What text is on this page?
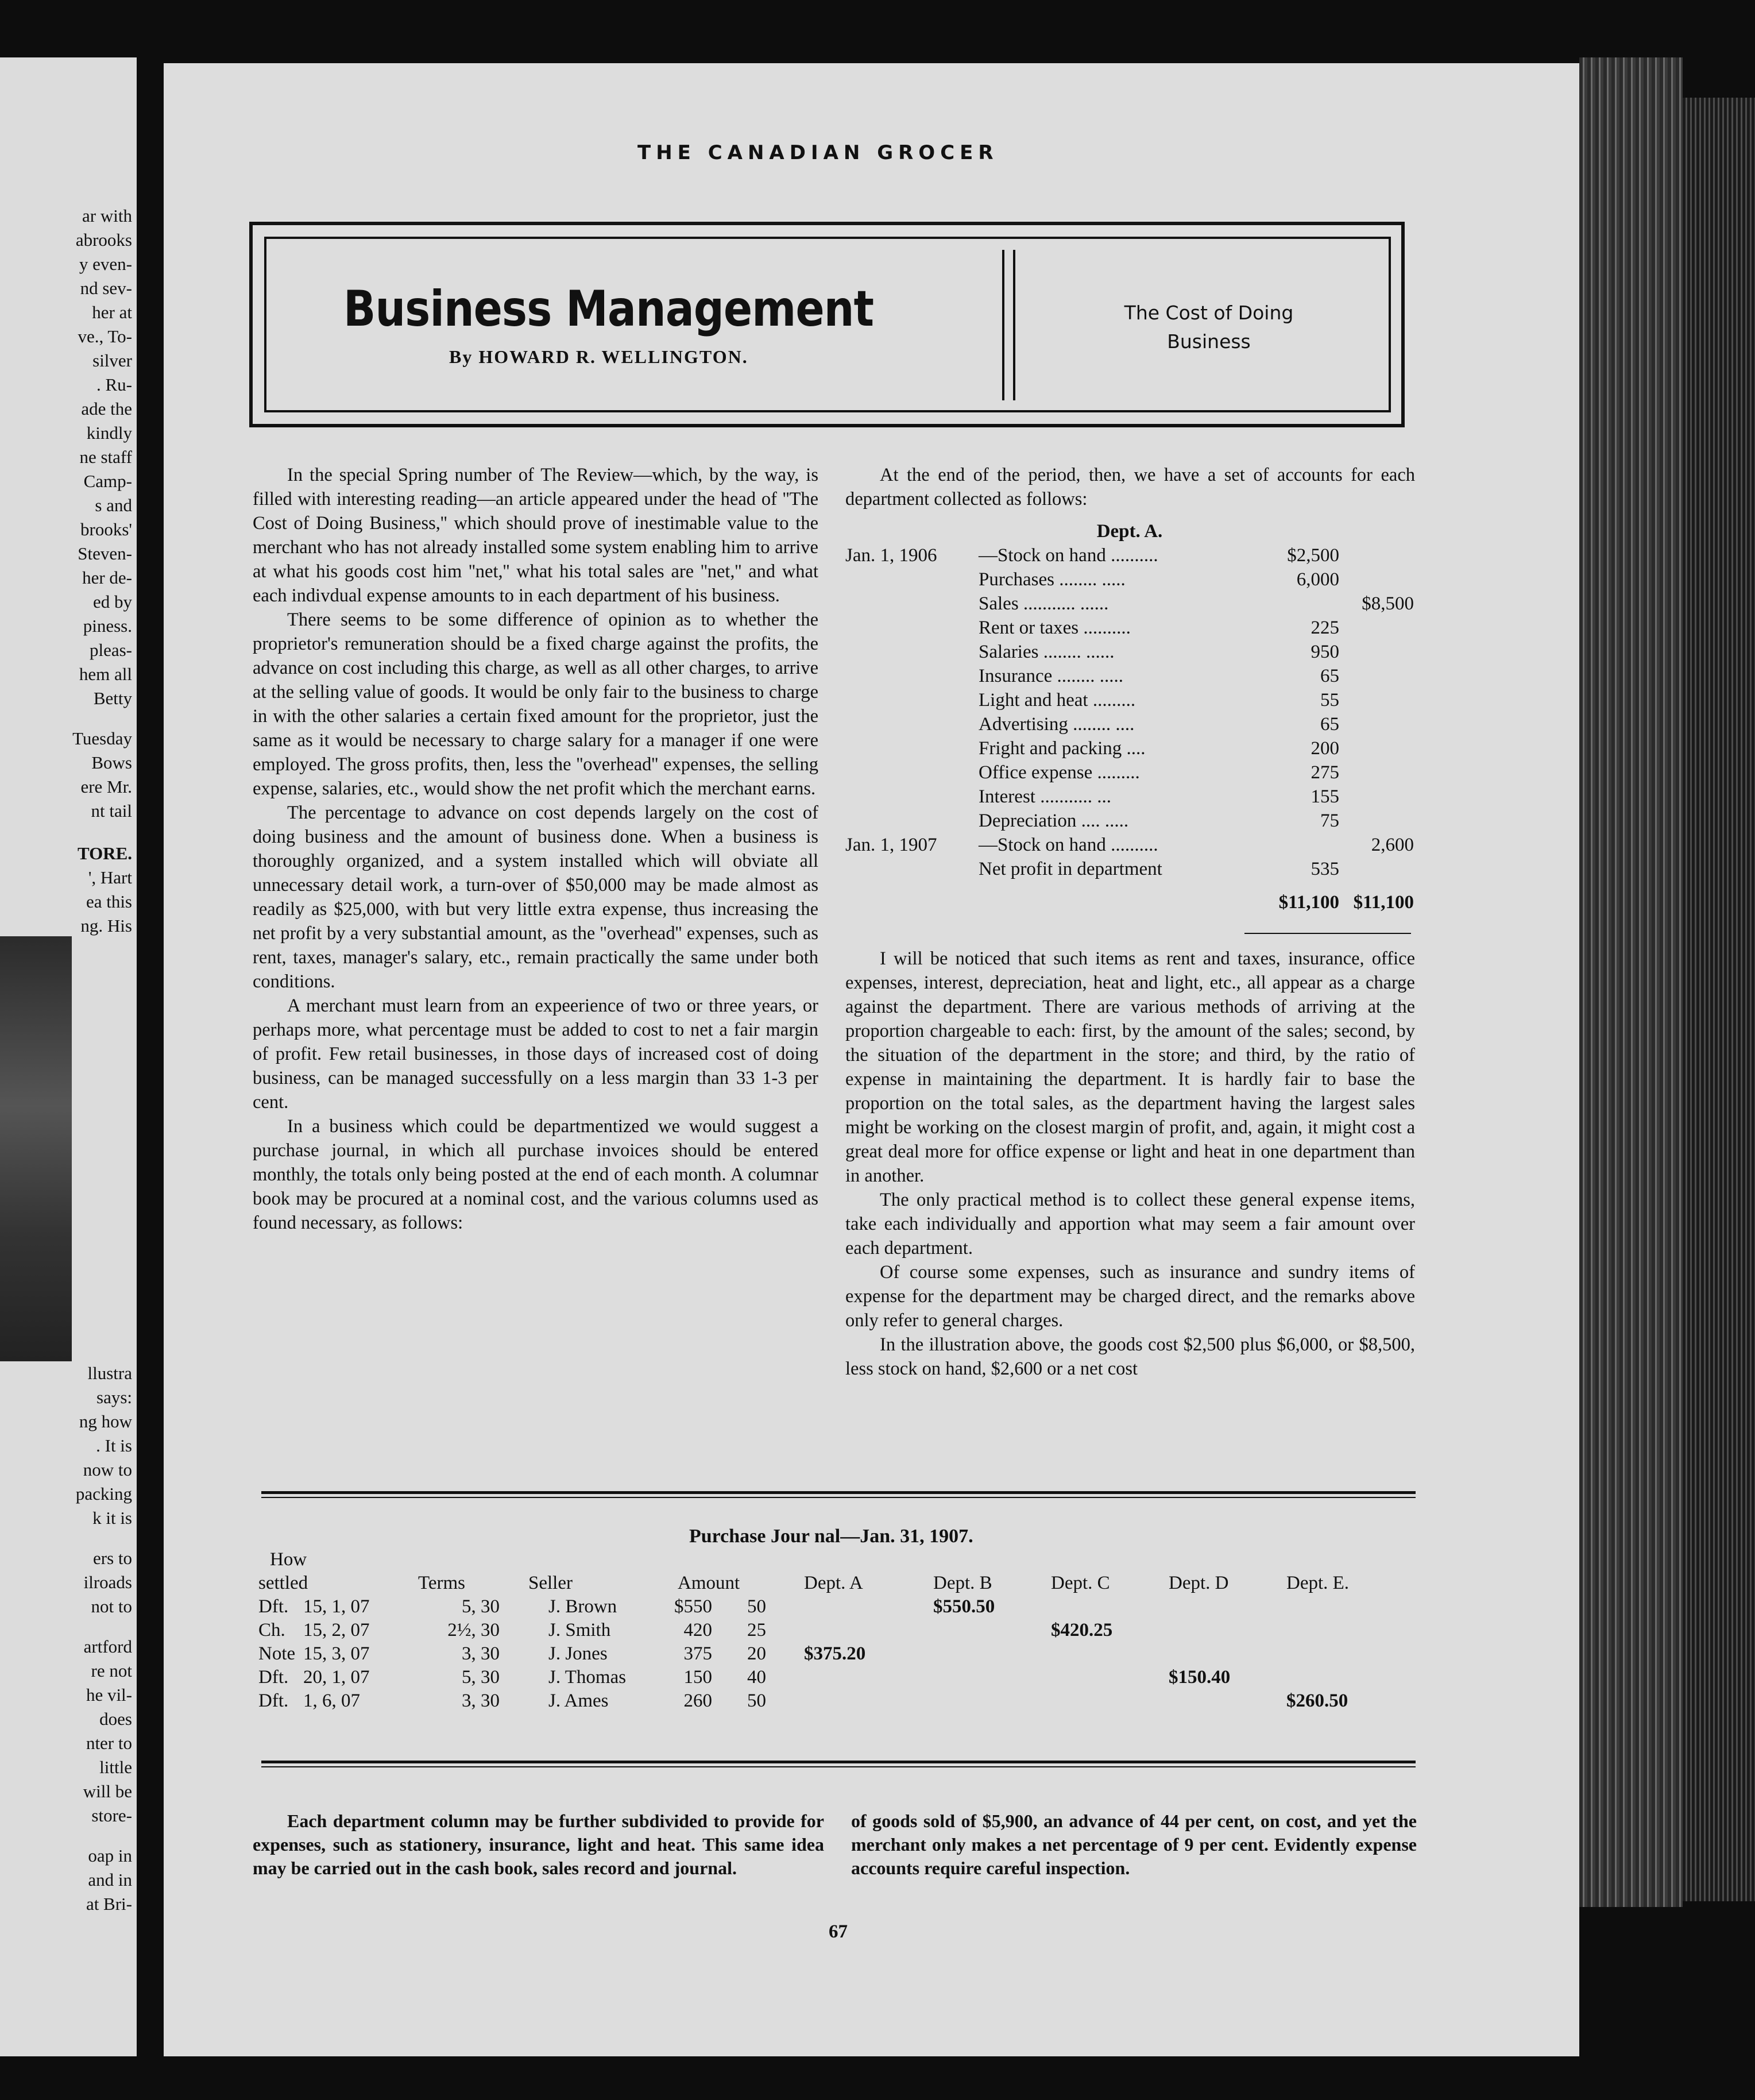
ar with
abrooks
y even-
nd sev-
her at
ve., To-
silver
. Ru-
ade the
kindly
ne staff
Camp-
s and
brooks'
Steven-
her de-
ed by
piness.
pleas-
hem all
Betty
Tuesday
Bows
ere Mr.
nt tail
TORE.
', Hart
ea this
ng. His
llustra
says:
ng how
. It is
now to
packing
k it is
ers to
ilroads
not to
artford
re not
he vil-
does
nter to
little
will be
store-
oap in
and in
at Bri-
THE CANADIAN GROCER
Business Management
By HOWARD R. WELLINGTON.
The Cost of Doing
Business

In the special Spring number of The Review—which, by the way, is filled with interesting reading—an article appeared under the head of ''The Cost of Doing Business,'' which should prove of inestimable value to the merchant who has not already installed some system enabling him to arrive at what his goods cost him ''net,'' what his total sales are ''net,'' and what each indivdual expense amounts to in each department of his business.

There seems to be some difference of opinion as to whether the proprietor's remuneration should be a fixed charge against the profits, the advance on cost including this charge, as well as all other charges, to arrive at the selling value of goods. It would be only fair to the business to charge in with the other salaries a certain fixed amount for the proprietor, just the same as it would be necessary to charge salary for a manager if one were employed. The gross profits, then, less the ''overhead'' expenses, the selling expense, salaries, etc., would show the net profit which the merchant earns.

The percentage to advance on cost depends largely on the cost of doing business and the amount of business done. When a business is thoroughly organized, and a system installed which will obviate all unnecessary detail work, a turn-over of $50,000 may be made almost as readily as $25,000, with but very little extra expense, thus increasing the net profit by a very substantial amount, as the ''overhead'' expenses, such as rent, taxes, manager's salary, etc., remain practically the same under both conditions.

A merchant must learn from an expeerience of two or three years, or perhaps more, what percentage must be added to cost to net a fair margin of profit. Few retail businesses, in those days of increased cost of doing business, can be managed successfully on a less margin than 33 1-3 per cent.

In a business which could be departmentized we would suggest a purchase journal, in which all purchase invoices should be entered monthly, the totals only being posted at the end of each month. A columnar book may be procured at a nominal cost, and the various columns used as found necessary, as follows:

At the end of the period, then, we have a set of accounts for each department collected as follows:

Dept. A.
Jan. 1, 1906	—Stock on hand ..........	$2,500	
	Purchases ........ .....	6,000	
	Sales ........... ......		$8,500
	Rent or taxes ..........	225	
	Salaries ........ ......	950	
	Insurance ........ .....	65	
	Light and heat .........	55	
	Advertising ........ ....	65	
	Fright and packing ....	200	
	Office expense .........	275	
	Interest ........... ...	155	
	Depreciation .... .....	75	
Jan. 1, 1907	—Stock on hand ..........		2,600
	Net profit in department	535	
		$11,100	$11,100

I will be noticed that such items as rent and taxes, insurance, office expenses, interest, depreciation, heat and light, etc., all appear as a charge against the department. There are various methods of arriving at the proportion chargeable to each: first, by the amount of the sales; second, by the situation of the department in the store; and third, by the ratio of expense in maintaining the department. It is hardly fair to base the proportion on the total sales, as the department having the largest sales might be working on the closest margin of profit, and, again, it might cost a great deal more for office expense or light and heat in one department than in another.

The only practical method is to collect these general expense items, take each individually and apportion what may seem a fair amount over each department.

Of course some expenses, such as insurance and sundry items of expense for the department may be charged direct, and the remarks above only refer to general charges.

In the illustration above, the goods cost $2,500 plus $6,000, or $8,500, less stock on hand, $2,600 or a net cost

Purchase Jour nal—Jan. 31, 1907.
How										
settled		Terms	Seller	Amount		Dept. A	Dept. B	Dept. C	Dept. D	Dept. E.
Dft.	15, 1, 07	5, 30	J. Brown	$550	50		$550.50			
Ch.	15, 2, 07	2½, 30	J. Smith	420	25			$420.25		
Note	15, 3, 07	3, 30	J. Jones	375	20	$375.20				
Dft.	20, 1, 07	5, 30	J. Thomas	150	40				$150.40	
Dft.	1, 6, 07	3, 30	J. Ames	260	50					$260.50

Each department column may be further subdivided to provide for expenses, such as stationery, insurance, light and heat. This same idea may be carried out in the cash book, sales record and journal.

of goods sold of $5,900, an advance of 44 per cent, on cost, and yet the merchant only makes a net percentage of 9 per cent. Evidently expense accounts require careful inspection.

67
